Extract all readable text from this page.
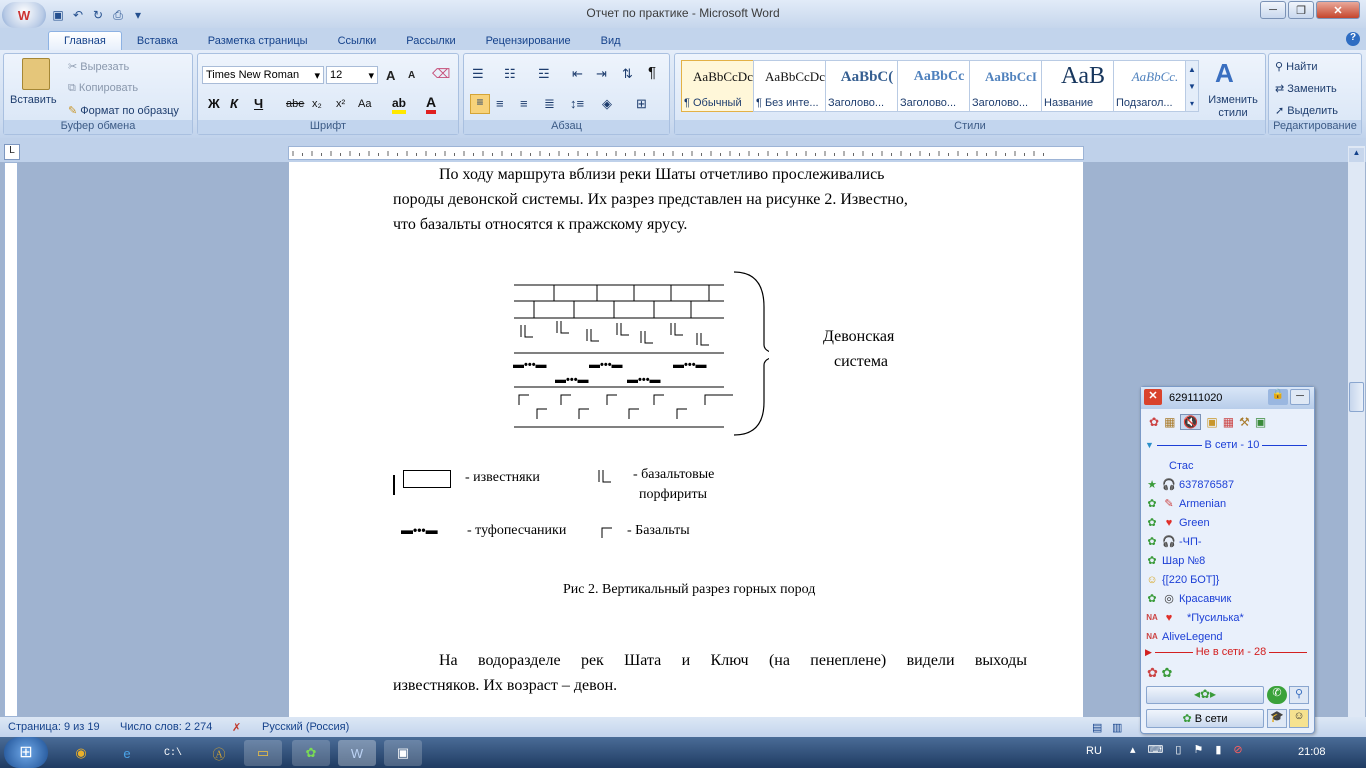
W	▣ ↶ ↻ ⎙	▾	Отчет по практике - Microsoft Word	─	❐	✕
Главная	Вставка	Разметка страницы	Ссылки	Рассылки	Рецензирование	Вид	?
Вставить
✂ Вырезать
⧉ Копировать
✎ Формат по образцу
Буфер обмена
Times New Roman ▾ 12 ▾ A A ⌫
Ж К Ч abe x₂ x² Aa ab A
Шрифт
☰ ☷ ☲ ⇤ ⇥ ⇅ ¶
≡ ≡ ≡ ≣ ↕≡ ◈ ⊞
Абзац
AaBbCcDc
¶ Обычный
AaBbCcDc
¶ Без инте...
AaBbC(
Заголово...
AaBbCc
Заголово...
AaBbCcI
Заголово...
AaB
Название
AaBbCc.
Подзагол...
▲
▼
▾
A
Изменить стили
Стили
⚲ Найти
⇄ Заменить
➚ Выделить
Редактирование
L
По ходу маршрута вблизи реки Шаты отчетливо прослеживались
породы девонской системы. Их разрез представлен на рисунке 2. Известно,
что базальты относятся к пражскому ярусу.
▬•••▬	▬•••▬	▬•••▬
▬•••▬	▬•••▬
Девонская
система
- известняки	- базальтовые
порфириты
▬•••▬ - туфопесчаники	- Базальты
Рис 2. Вертикальный разрез горных пород
На водоразделе рек Шата и Ключ (на пенеплене) видели выходы
известняков. Их возраст – девон.
▲
Страница: 9 из 19 Число слов: 2 274 ✗ Русский (Россия)	▤ ▥
✕	629111020	🔒	─
✿ ▦ 🔇 ▣ ▦ ⚒ ▣
▼	В сети - 10
Стас
★ 🎧 637876587
✿ ✎ Armenian
✿ ♥ Green
✿ 🎧 -ЧП-
✿ Шар №8
☺ {[220 БОТ]}
✿ ◎ Красавчик
NA ♥	*Пусилька*
NA AliveLegend
▶	Не в сети - 28
✿ ✿
◂✿▸	✆	⚲
✿ В сети	🎓 ☺
⊞	◉	e	C:\	Ⓐ	▭	✿	W	▣	RU	▴ ⌨ ▯ ⚑ ▮ ⊘	21:08
